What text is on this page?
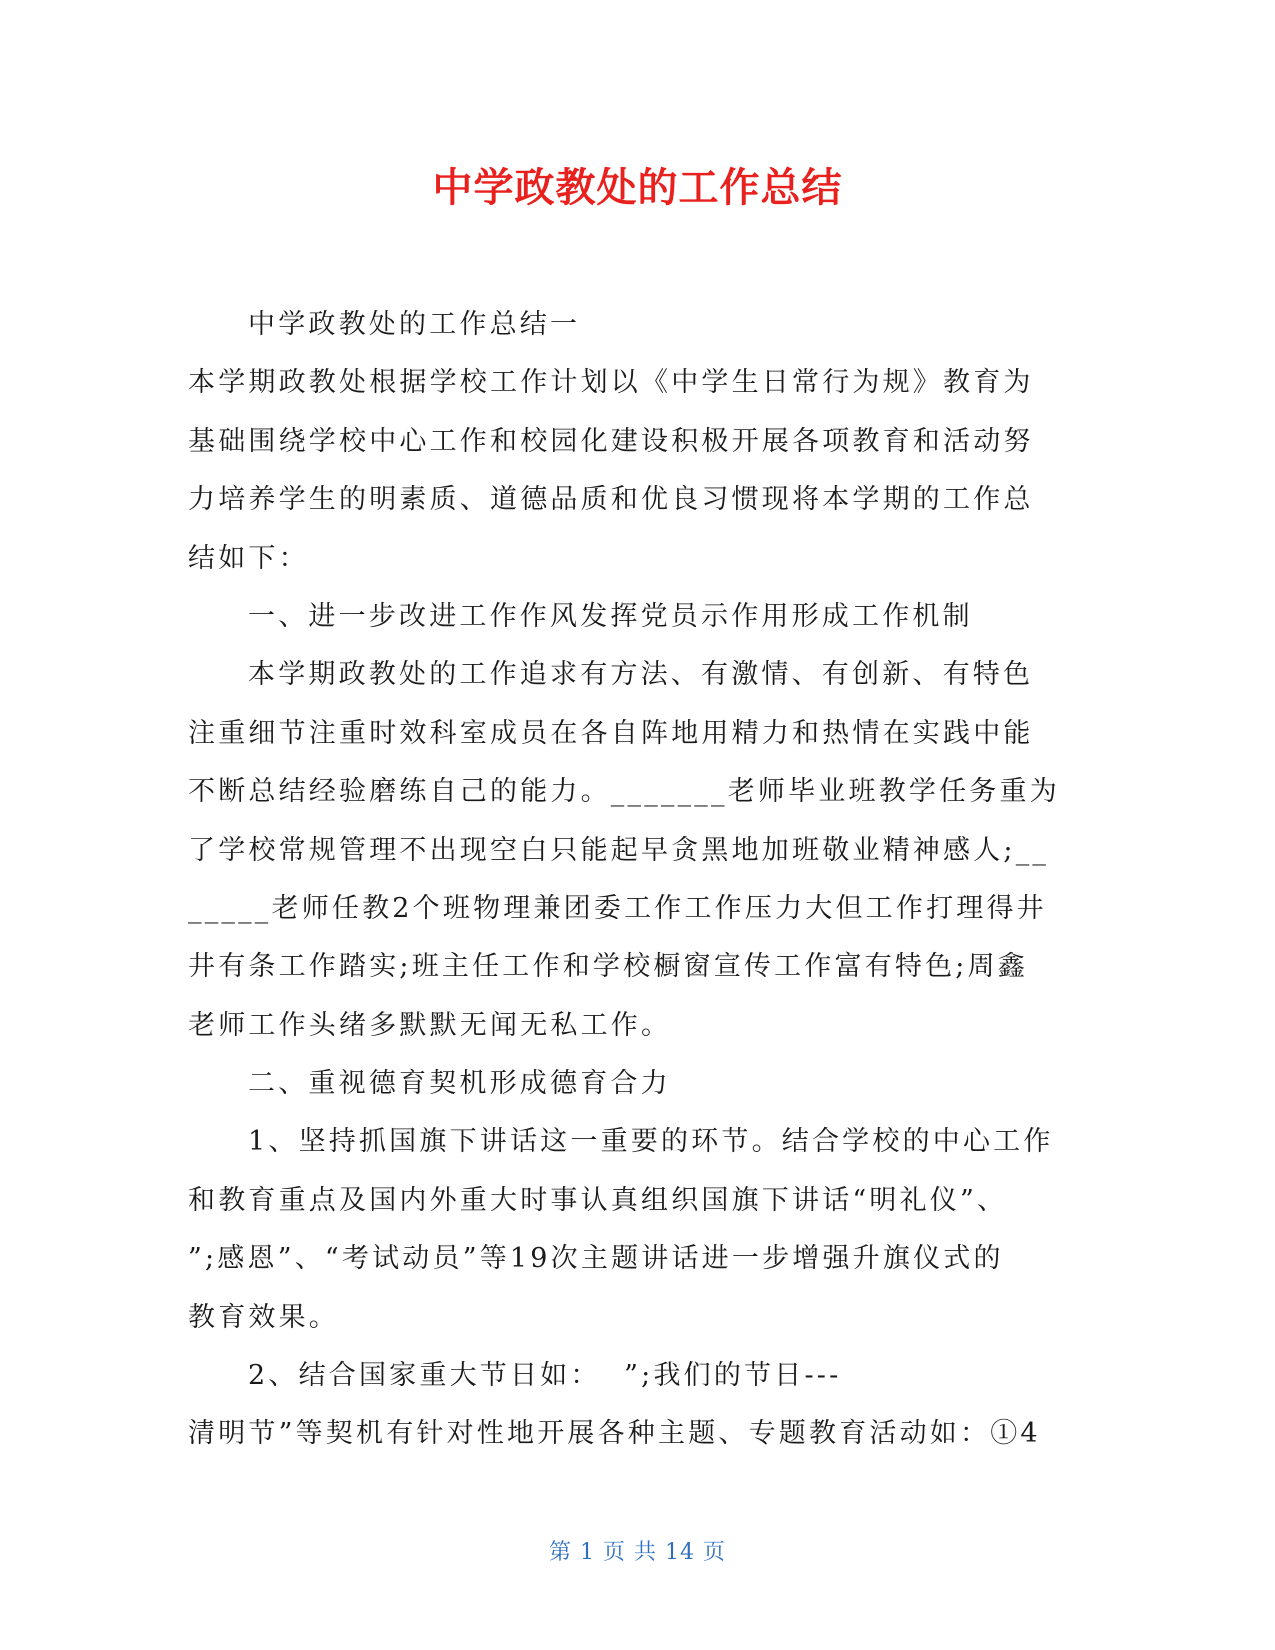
中学政教处的工作总结
中学政教处的工作总结一
本学期政教处根据学校工作计划以《中学生日常行为规》教育为
基础围绕学校中心工作和校园化建设积极开展各项教育和活动努
力培养学生的明素质、道德品质和优良习惯现将本学期的工作总
结如下：
一、进一步改进工作作风发挥党员示作用形成工作机制
本学期政教处的工作追求有方法、有激情、有创新、有特色
注重细节注重时效科室成员在各自阵地用精力和热情在实践中能
不断总结经验磨练自己的能力。_______老师毕业班教学任务重为
了学校常规管理不出现空白只能起早贪黑地加班敬业精神感人;__
_____老师任教2个班物理兼团委工作工作压力大但工作打理得井
井有条工作踏实;班主任工作和学校橱窗宣传工作富有特色;周鑫
老师工作头绪多默默无闻无私工作。
二、重视德育契机形成德育合力
1、坚持抓国旗下讲话这一重要的环节。结合学校的中心工作
和教育重点及国内外重大时事认真组织国旗下讲话“明礼仪”、
”;感恩”、“考试动员”等19次主题讲话进一步增强升旗仪式的
教育效果。
2、结合国家重大节日如：  ”;我们的节日---
清明节”等契机有针对性地开展各种主题、专题教育活动如：①4
第 1 页 共 14 页
